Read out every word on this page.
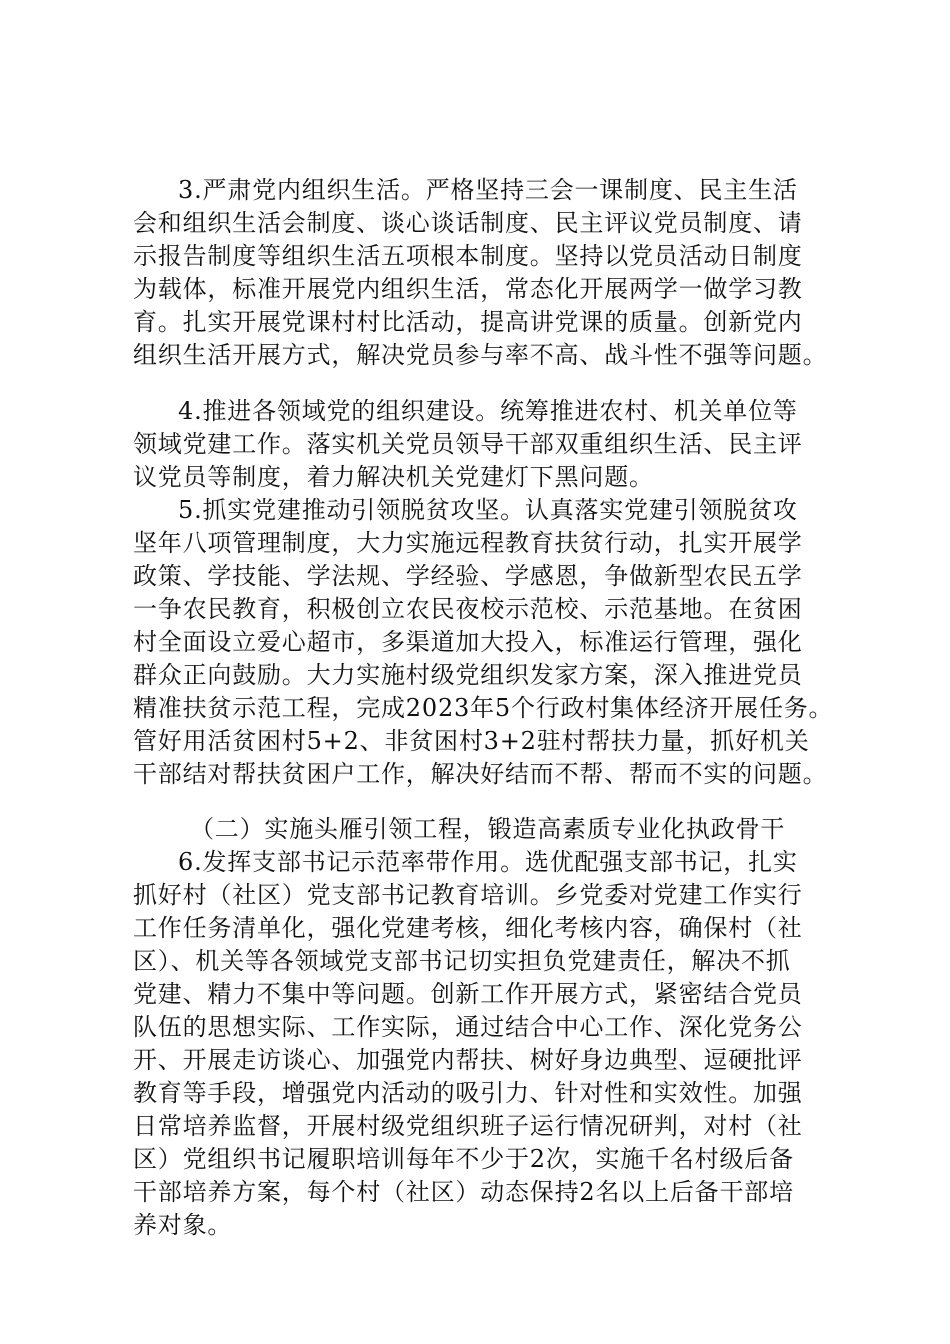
3.严肃党内组织生活。严格坚持三会一课制度、民主生活

会和组织生活会制度、谈心谈话制度、民主评议党员制度、请

示报告制度等组织生活五项根本制度。坚持以党员活动日制度

为载体，标准开展党内组织生活，常态化开展两学一做学习教

育。扎实开展党课村村比活动，提高讲党课的质量。创新党内

组织生活开展方式，解决党员参与率不高、战斗性不强等问题。

4.推进各领域党的组织建设。统筹推进农村、机关单位等

领域党建工作。落实机关党员领导干部双重组织生活、民主评

议党员等制度，着力解决机关党建灯下黑问题。

5.抓实党建推动引领脱贫攻坚。认真落实党建引领脱贫攻

坚年八项管理制度，大力实施远程教育扶贫行动，扎实开展学

政策、学技能、学法规、学经验、学感恩，争做新型农民五学

一争农民教育，积极创立农民夜校示范校、示范基地。在贫困

村全面设立爱心超市，多渠道加大投入，标准运行管理，强化

群众正向鼓励。大力实施村级党组织发家方案，深入推进党员

精准扶贫示范工程，完成2023年5个行政村集体经济开展任务。

管好用活贫困村5+2、非贫困村3+2驻村帮扶力量，抓好机关

干部结对帮扶贫困户工作，解决好结而不帮、帮而不实的问题。

（二）实施头雁引领工程，锻造高素质专业化执政骨干

6.发挥支部书记示范率带作用。选优配强支部书记，扎实

抓好村（社区）党支部书记教育培训。乡党委对党建工作实行

工作任务清单化，强化党建考核，细化考核内容，确保村（社

区）、机关等各领域党支部书记切实担负党建责任，解决不抓

党建、精力不集中等问题。创新工作开展方式，紧密结合党员

队伍的思想实际、工作实际，通过结合中心工作、深化党务公

开、开展走访谈心、加强党内帮扶、树好身边典型、逗硬批评

教育等手段，增强党内活动的吸引力、针对性和实效性。加强

日常培养监督，开展村级党组织班子运行情况研判，对村（社

区）党组织书记履职培训每年不少于2次，实施千名村级后备

干部培养方案，每个村（社区）动态保持2名以上后备干部培

养对象。
